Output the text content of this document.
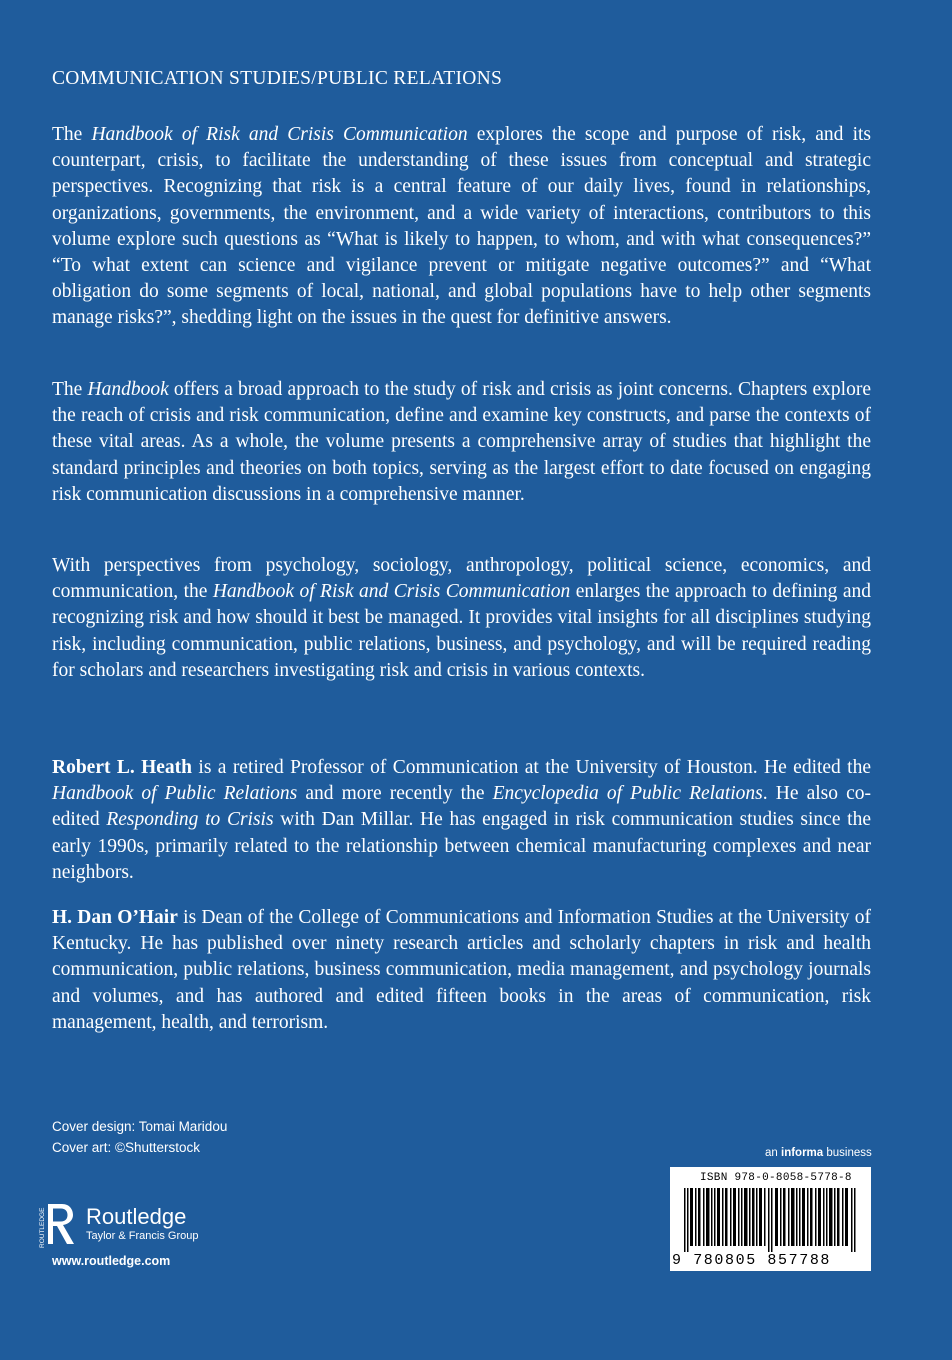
COMMUNICATION STUDIES/PUBLIC RELATIONS

The Handbook of Risk and Crisis Communication explores the scope and purpose of risk, and its counterpart, crisis, to facilitate the understanding of these issues from conceptual and strategic perspectives. Recognizing that risk is a central feature of our daily lives, found in relationships, organizations, governments, the environment, and a wide variety of interactions, contributors to this volume explore such questions as “What is likely to happen, to whom, and with what consequences?” “To what extent can science and vigilance prevent or mitigate negative outcomes?” and “What obligation do some segments of local, national, and global populations have to help other segments manage risks?”, shedding light on the issues in the quest for definitive answers.

The Handbook offers a broad approach to the study of risk and crisis as joint concerns. Chapters explore the reach of crisis and risk communication, define and examine key constructs, and parse the contexts of these vital areas. As a whole, the volume presents a comprehensive array of studies that highlight the standard principles and theories on both topics, serving as the largest effort to date focused on engaging risk communication discussions in a comprehensive manner.

With perspectives from psychology, sociology, anthropology, political science, economics, and communication, the Handbook of Risk and Crisis Communication enlarges the approach to defining and recognizing risk and how should it best be managed. It provides vital insights for all disciplines studying risk, including communication, public relations, business, and psychology, and will be required reading for scholars and researchers investigating risk and crisis in various contexts.

Robert L. Heath is a retired Professor of Communication at the University of Houston. He edited the Handbook of Public Relations and more recently the Encyclopedia of Public Relations. He also co-edited Responding to Crisis with Dan Millar. He has engaged in risk communication studies since the early 1990s, primarily related to the relationship between chemical manufacturing complexes and near neighbors.

H. Dan O’Hair is Dean of the College of Communications and Information Studies at the University of Kentucky. He has published over ninety research articles and scholarly chapters in risk and health communication, public relations, business communication, media management, and psychology journals and volumes, and has authored and edited fifteen books in the areas of communication, risk management, health, and terrorism.

Cover design: Tomai Maridou
Cover art: ©Shutterstock
ROUTLEDGE Routledge
Taylor & Francis Group
www.routledge.com
an informa business
ISBN 978-0-8058-5778-8
9 780805 857788
